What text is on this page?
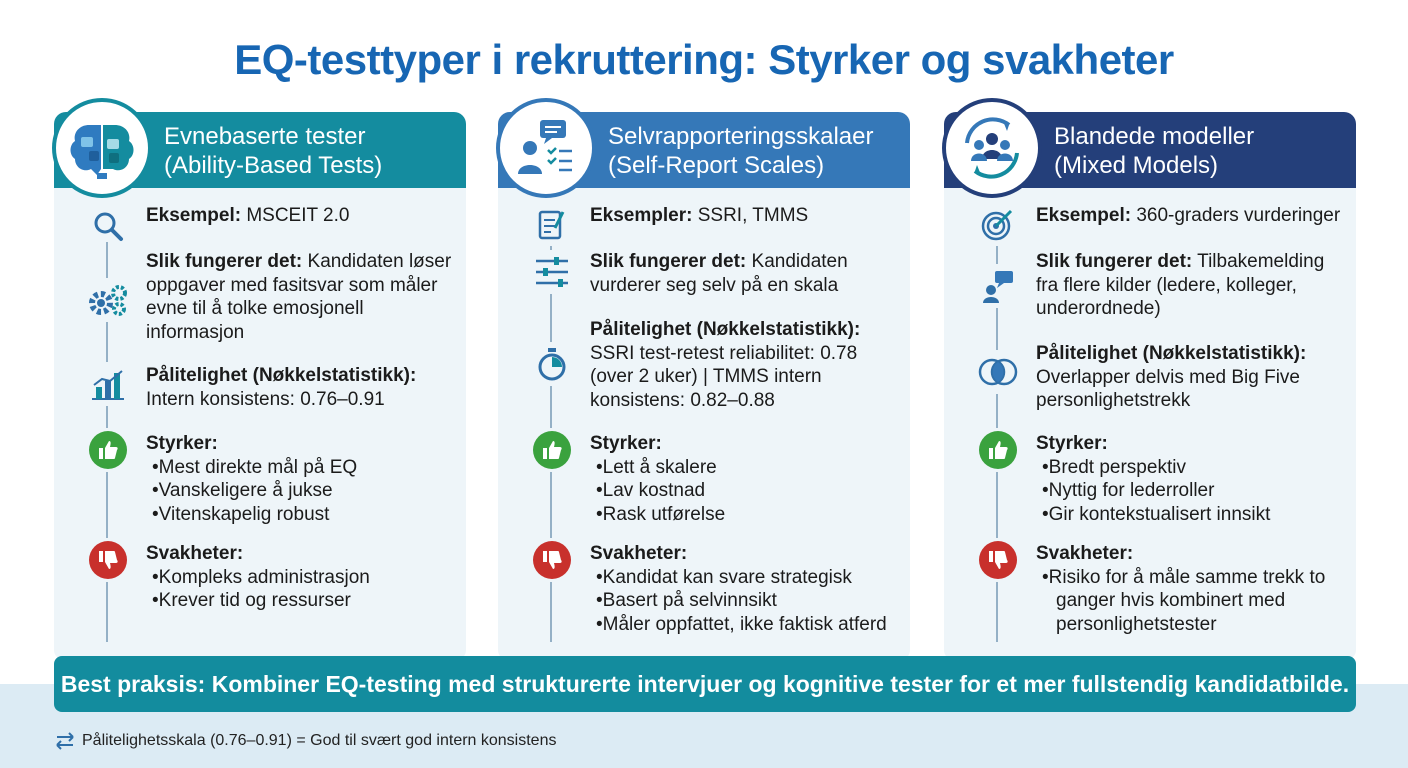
EQ-testtyper i rekruttering: Styrker og svakheter
Evnebaserte tester
(Ability-Based Tests)
Eksempel: MSCEIT 2.0
Slik fungerer det: Kandidaten løser oppgaver med fasitsvar som måler evne til å tolke emosjonell informasjon
Pålitelighet (Nøkkelstatistikk):
Intern konsistens: 0.76–0.91
Styrker:
• Mest direkte mål på EQ
• Vanskeligere å jukse
• Vitenskapelig robust
Svakheter:
• Kompleks administrasjon
• Krever tid og ressurser
Selvrapporteringsskalaer
(Self-Report Scales)
Eksempler: SSRI, TMMS
Slik fungerer det: Kandidaten vurderer seg selv på en skala
Pålitelighet (Nøkkelstatistikk):
SSRI test-retest reliabilitet: 0.78 (over 2 uker) | TMMS intern konsistens: 0.82–0.88
Styrker:
• Lett å skalere
• Lav kostnad
• Rask utførelse
Svakheter:
• Kandidat kan svare strategisk
• Basert på selvinnsikt
• Måler oppfattet, ikke faktisk atferd
Blandede modeller
(Mixed Models)
Eksempel: 360-graders vurderinger
Slik fungerer det: Tilbakemelding fra flere kilder (ledere, kolleger, underordnede)
Pålitelighet (Nøkkelstatistikk):
Overlapper delvis med Big Five personlighetstrekk
Styrker:
• Bredt perspektiv
• Nyttig for lederroller
• Gir kontekstualisert innsikt
Svakheter:
• Risiko for å måle samme trekk to ganger hvis kombinert med personlighetstester
Best praksis: Kombiner EQ-testing med strukturerte intervjuer og kognitive tester for et mer fullstendig kandidatbilde.
Pålitelighetsskala (0.76–0.91) = God til svært god intern konsistens
